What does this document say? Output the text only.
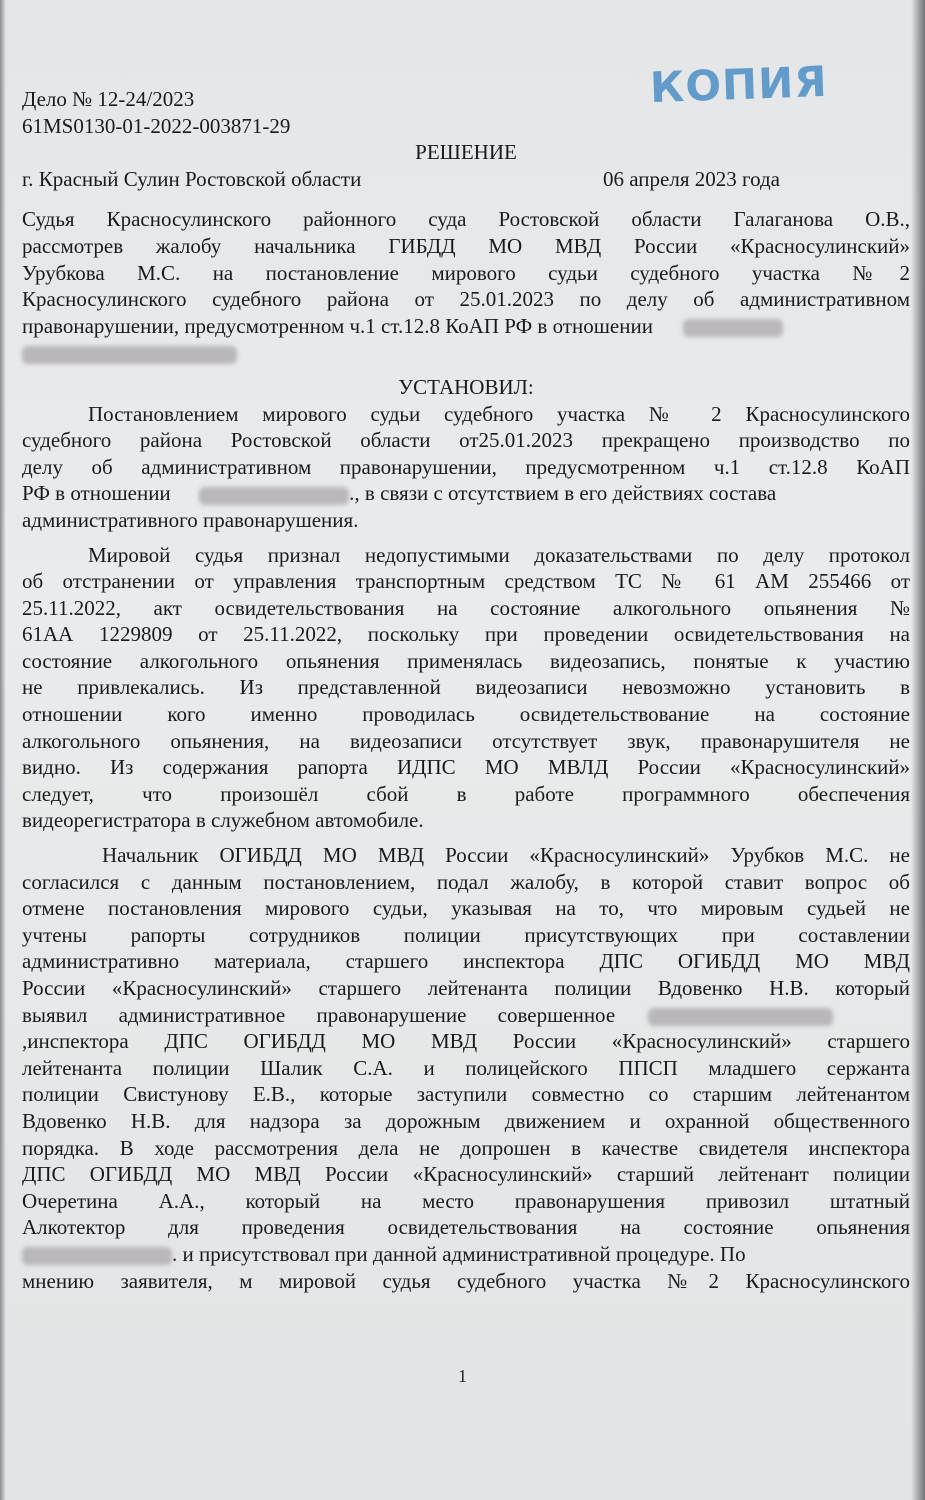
КОПИЯ
Дело № 12-24/2023
61MS0130-01-2022-003871-29
РЕШЕНИЕ
г. Красный Сулин Ростовской области	06 апреля 2023 года
Судья Красносулинского районного суда Ростовской области Галаганова О.В.,
рассмотрев жалобу начальника ГИБДД МО МВД России «Красносулинский»
Урубкова М.С. на постановление мирового судьи судебного участка №2
Красносулинского судебного района от 25.01.2023 по делу об административном
правонарушении, предусмотренном ч.1 ст.12.8 КоАП РФ в отношении
УСТАНОВИЛ:
Постановлением мирового судьи судебного участка № 2 Красносулинского
судебного района Ростовской области от25.01.2023 прекращено производство по
делу об административном правонарушении, предусмотренном ч.1 ст.12.8 КоАП
РФ в отношении	., в связи с отсутствием в его действиях состава
административного правонарушения.
Мировой судья признал недопустимыми доказательствами по делу протокол
об отстранении от управления транспортным средством ТС № 61 АМ 255466 от
25.11.2022, акт освидетельствования на состояние алкогольного опьянения №
61АА 1229809 от 25.11.2022, поскольку при проведении освидетельствования на
состояние алкогольного опьянения применялась видеозапись, понятые к участию
не привлекались. Из представленной видеозаписи невозможно установить в
отношении кого именно проводилась освидетельствование на состояние
алкогольного опьянения, на видеозаписи отсутствует звук, правонарушителя не
видно. Из содержания рапорта ИДПС МО МВЛД России «Красносулинский»
следует, что произошёл сбой в работе программного обеспечения
видеорегистратора в служебном автомобиле.
Начальник ОГИБДД МО МВД России «Красносулинский» Урубков М.С. не
согласился с данным постановлением, подал жалобу, в которой ставит вопрос об
отмене постановления мирового судьи, указывая на то, что мировым судьей не
учтены рапорты сотрудников полиции присутствующих при составлении
административно материала, старшего инспектора ДПС ОГИБДД МО МВД
России «Красносулинский» старшего лейтенанта полиции Вдовенко Н.В. который
выявил административное правонарушение совершенное
,инспектора ДПС ОГИБДД МО МВД России «Красносулинский» старшего
лейтенанта полиции Шалик С.А. и полицейского ППСП младшего сержанта
полиции Свистунову Е.В., которые заступили совместно со старшим лейтенантом
Вдовенко Н.В. для надзора за дорожным движением и охранной общественного
порядка. В ходе рассмотрения дела не допрошен в качестве свидетеля инспектора
ДПС ОГИБДД МО МВД России «Красносулинский» старший лейтенант полиции
Очеретина А.А., который на место правонарушения привозил штатный
Алкотектор для проведения освидетельствования на состояние опьянения
. и присутствовал при данной административной процедуре. По
мнению заявителя, м мировой судья судебного участка №2 Красносулинского
1
